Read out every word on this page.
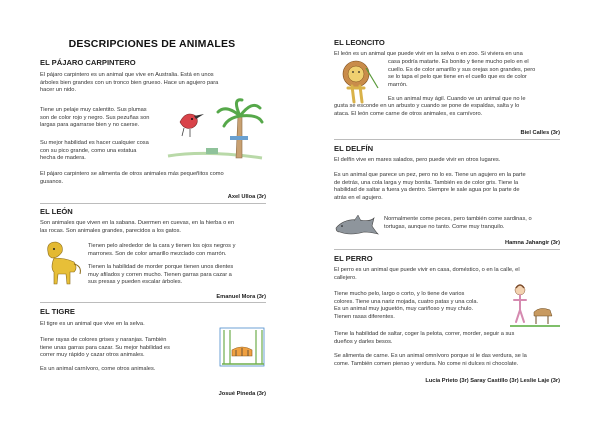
DESCRIPCIONES DE ANIMALES
EL PÁJARO CARPINTERO
El pájaro carpintero es un animal que vive en Australia. Está en unos
árboles bien grandes con un tronco bien grueso. Hace un agujero para
hacer un nido.
Tiene un pelaje muy calentito. Sus plumas
son de color rojo y negro. Sus pezuñas son
largas para agarrarse bien y no caerse.
Su mejor habilidad es hacer cualquier cosa
con su pico grande, como una estatua
hecha de madera.
El pájaro carpintero se alimenta de otros animales más pequeñitos como
gusanos.
Axel Ulloa (3r)
EL LEÓN
Son animales que viven en la sabana. Duermen en cuevas, en la hierba o en
las rocas. Son animales grandes, parecidos a los gatos.
Tienen pelo alrededor de la cara y tienen los ojos negros y
marrones. Son de color amarillo mezclado con marrón.
Tienen la habilidad de morder porque tienen unos dientes
muy afilados y corren mucho. Tienen garras para cazar a
sus presas y pueden escalar árboles.
Emanuel Mora (3r)
EL TIGRE
El tigre es un animal que vive en la selva.
Tiene rayas de colores grises y naranjas. También
tiene unas garras para cazar. Su mejor habilidad es
correr muy rápido y cazar otros animales.
Es un animal carnívoro, come otros animales.
Josué Pineda (3r)
EL LEONCITO
El león es un animal que puede vivir en la selva o en zoo. Si viviera en una
casa podría matarte. Es bonito y tiene mucho pelo en el
cuello. Es de color amarillo y sus orejas son grandes, pero
se lo tapa el pelo que tiene en el cuello que es de color
marrón.
Es un animal muy ágil. Cuando ve un animal que no le
gusta se esconde en un arbusto y cuando se pone de espaldas, salta y lo
ataca. El león come carne de otros animales, es carnívoro.
Biel Calles (3r)
EL DELFÍN
El delfín vive en mares salados, pero puede vivir en otros lugares.
Es un animal que parece un pez, pero no lo es. Tiene un agujero en la parte
de detrás, una cola larga y muy bonita. También es de color gris. Tiene la
habilidad de saltar a fuera ya dentro. Siempre le sale agua por la parte de
atrás en el agujero.
Normalmente come peces, pero también come sardinas, o
tortugas, aunque no tanto. Come muy tranquilo.
Hamna Jahangir (3r)
EL PERRO
El perro es un animal que puede vivir en casa, doméstico, o en la calle, el
callejero.
Tiene mucho pelo, largo o corto, y lo tiene de varios
colores. Tiene una nariz mojada, cuatro patas y una cola.
Es un animal muy juguetón, muy cariñoso y muy chulo.
Tienen rasas diferentes.
Tiene la habilidad de saltar, coger la pelota, correr, morder, seguir a sus
dueños y darles besos.
Se alimenta de carne. Es un animal omnívoro porque si le das verdura, se la
come. También comen pienso y verdura. No come ni dulces ni chocolate.
Lucía Prieto (3r) Saray Castillo (3r) Leslie Laje (3r)
